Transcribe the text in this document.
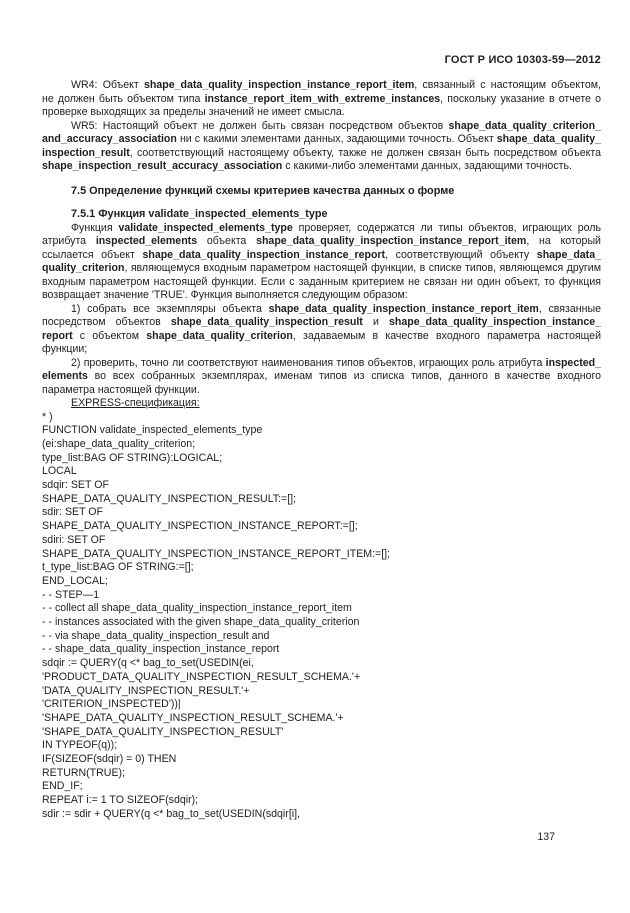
ГОСТ Р ИСО 10303-59—2012
WR4: Объект shape_data_quality_inspection_instance_report_item, связанный с настоящим объектом, не должен быть объектом типа instance_report_item_with_extreme_instances, поскольку указание в отчете о проверке выходящих за пределы значений не имеет смысла.
WR5: Настоящий объект не должен быть связан посредством объектов shape_data_quality_criterion_and_accuracy_association ни с какими элементами данных, задающими точность. Объект shape_data_quality_inspection_result, соответствующий настоящему объекту, также не должен связан быть посредством объекта shape_inspection_result_accuracy_association с какими-либо элементами данных, задающими точность.
7.5 Определение функций схемы критериев качества данных о форме
7.5.1 Функция validate_inspected_elements_type
Функция validate_inspected_elements_type проверяет, содержатся ли типы объектов, играющих роль атрибута inspected_elements объекта shape_data_quality_inspection_instance_report_item, на который ссылается объект shape_data_quality_inspection_instance_report, соответствующий объекту shape_data_quality_criterion, являющемуся входным параметром настоящей функции, в списке типов, являющемся другим входным параметром настоящей функции. Если с заданным критерием не связан ни один объект, то функция возвращает значение 'TRUE'. Функция выполняется следующим образом:
1) собрать все экземпляры объекта shape_data_quality_inspection_instance_report_item, связанные посредством объектов shape_data_quality_inspection_result и shape_data_quality_inspection_instance_report с объектом shape_data_quality_criterion, задаваемым в качестве входного параметра настоящей функции;
2) проверить, точно ли соответствуют наименования типов объектов, играющих роль атрибута inspected_elements во всех собранных экземплярах, именам типов из списка типов, данного в качестве входного параметра настоящей функции.
EXPRESS-спецификация:
* )
FUNCTION validate_inspected_elements_type
(ei:shape_data_quality_criterion;
type_list:BAG OF STRING):LOGICAL;
LOCAL
sdqir: SET OF
SHAPE_DATA_QUALITY_INSPECTION_RESULT:=[];
sdir: SET OF
SHAPE_DATA_QUALITY_INSPECTION_INSTANCE_REPORT:=[];
sdiri: SET OF
SHAPE_DATA_QUALITY_INSPECTION_INSTANCE_REPORT_ITEM:=[];
t_type_list:BAG OF STRING:=[];
END_LOCAL;
- - STEP—1
- - collect all shape_data_quality_inspection_instance_report_item
- - instances associated with the given shape_data_quality_criterion
- - via shape_data_quality_inspection_result and
- - shape_data_quality_inspection_instance_report
sdqir := QUERY(q <* bag_to_set(USEDIN(ei,
'PRODUCT_DATA_QUALITY_INSPECTION_RESULT_SCHEMA.'+
'DATA_QUALITY_INSPECTION_RESULT.'+
'CRITERION_INSPECTED'))|
'SHAPE_DATA_QUALITY_INSPECTION_RESULT_SCHEMA.'+
'SHAPE_DATA_QUALITY_INSPECTION_RESULT'
IN TYPEOF(q));
IF(SIZEOF(sdqir) = 0) THEN
RETURN(TRUE);
END_IF;
REPEAT i:= 1 TO SIZEOF(sdqir);
sdir := sdir + QUERY(q <* bag_to_set(USEDIN(sdqir[i],
137
